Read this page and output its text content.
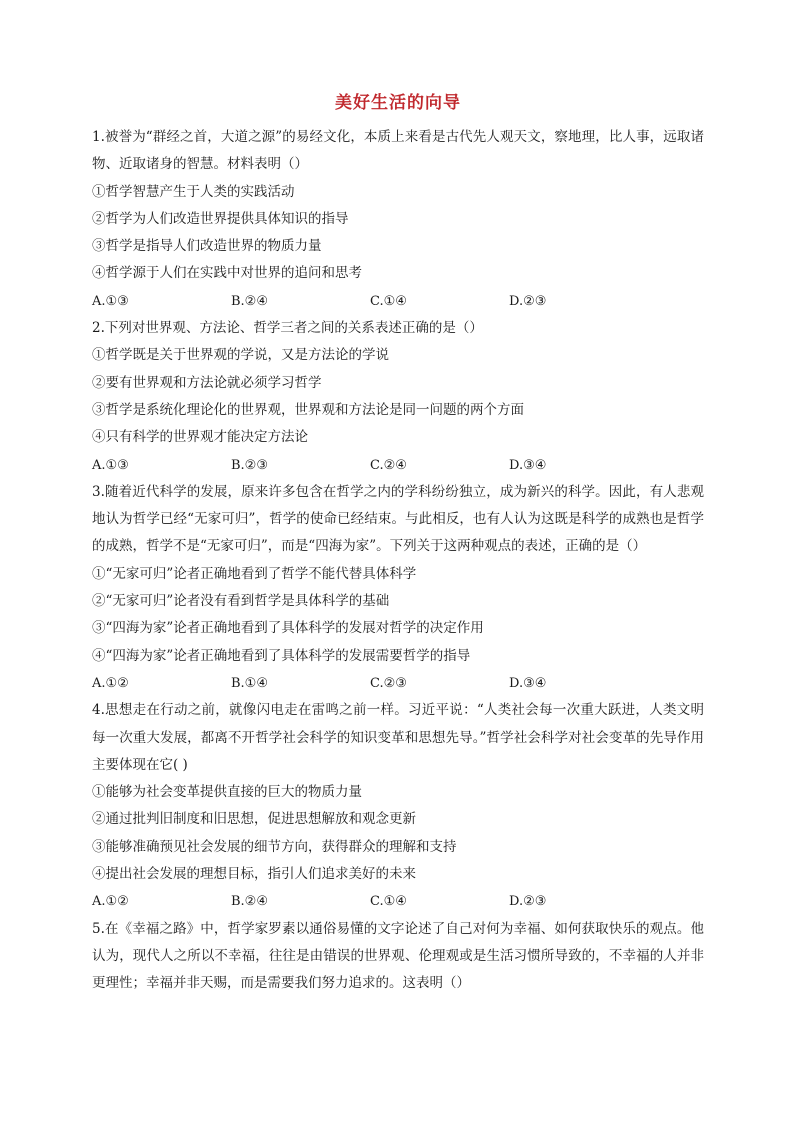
美好生活的向导

1.被誉为“群经之首，大道之源”的易经文化，本质上来看是古代先人观天文，察地理，比人事，远取诸物、近取诸身的智慧。材料表明（）

①哲学智慧产生于人类的实践活动

②哲学为人们改造世界提供具体知识的指导

③哲学是指导人们改造世界的物质力量

④哲学源于人们在实践中对世界的追问和思考

A.①③	B.②④	C.①④	D.②③

2.下列对世界观、方法论、哲学三者之间的关系表述正确的是（）

①哲学既是关于世界观的学说，又是方法论的学说

②要有世界观和方法论就必须学习哲学

③哲学是系统化理论化的世界观，世界观和方法论是同一问题的两个方面

④只有科学的世界观才能决定方法论

A.①③	B.②③	C.②④	D.③④

3.随着近代科学的发展，原来许多包含在哲学之内的学科纷纷独立，成为新兴的科学。因此，有人悲观地认为哲学已经“无家可归”，哲学的使命已经结束。与此相反，也有人认为这既是科学的成熟也是哲学的成熟，哲学不是“无家可归”，而是“四海为家”。下列关于这两种观点的表述，正确的是（）

①“无家可归”论者正确地看到了哲学不能代替具体科学

②“无家可归”论者没有看到哲学是具体科学的基础

③“四海为家”论者正确地看到了具体科学的发展对哲学的决定作用

④“四海为家”论者正确地看到了具体科学的发展需要哲学的指导

A.①②	B.①④	C.②③	D.③④

4.思想走在行动之前，就像闪电走在雷鸣之前一样。习近平说：“人类社会每一次重大跃进，人类文明每一次重大发展，都离不开哲学社会科学的知识变革和思想先导。”哲学社会科学对社会变革的先导作用主要体现在它( )

①能够为社会变革提供直接的巨大的物质力量

②通过批判旧制度和旧思想，促进思想解放和观念更新

③能够准确预见社会发展的细节方向，获得群众的理解和支持

④提出社会发展的理想目标，指引人们追求美好的未来

A.①②	B.②④	C.①④	D.②③

5.在《幸福之路》中，哲学家罗素以通俗易懂的文字论述了自己对何为幸福、如何获取快乐的观点。他认为，现代人之所以不幸福，往往是由错误的世界观、伦理观或是生活习惯所导致的，不幸福的人并非更理性；幸福并非天赐，而是需要我们努力追求的。这表明（）
